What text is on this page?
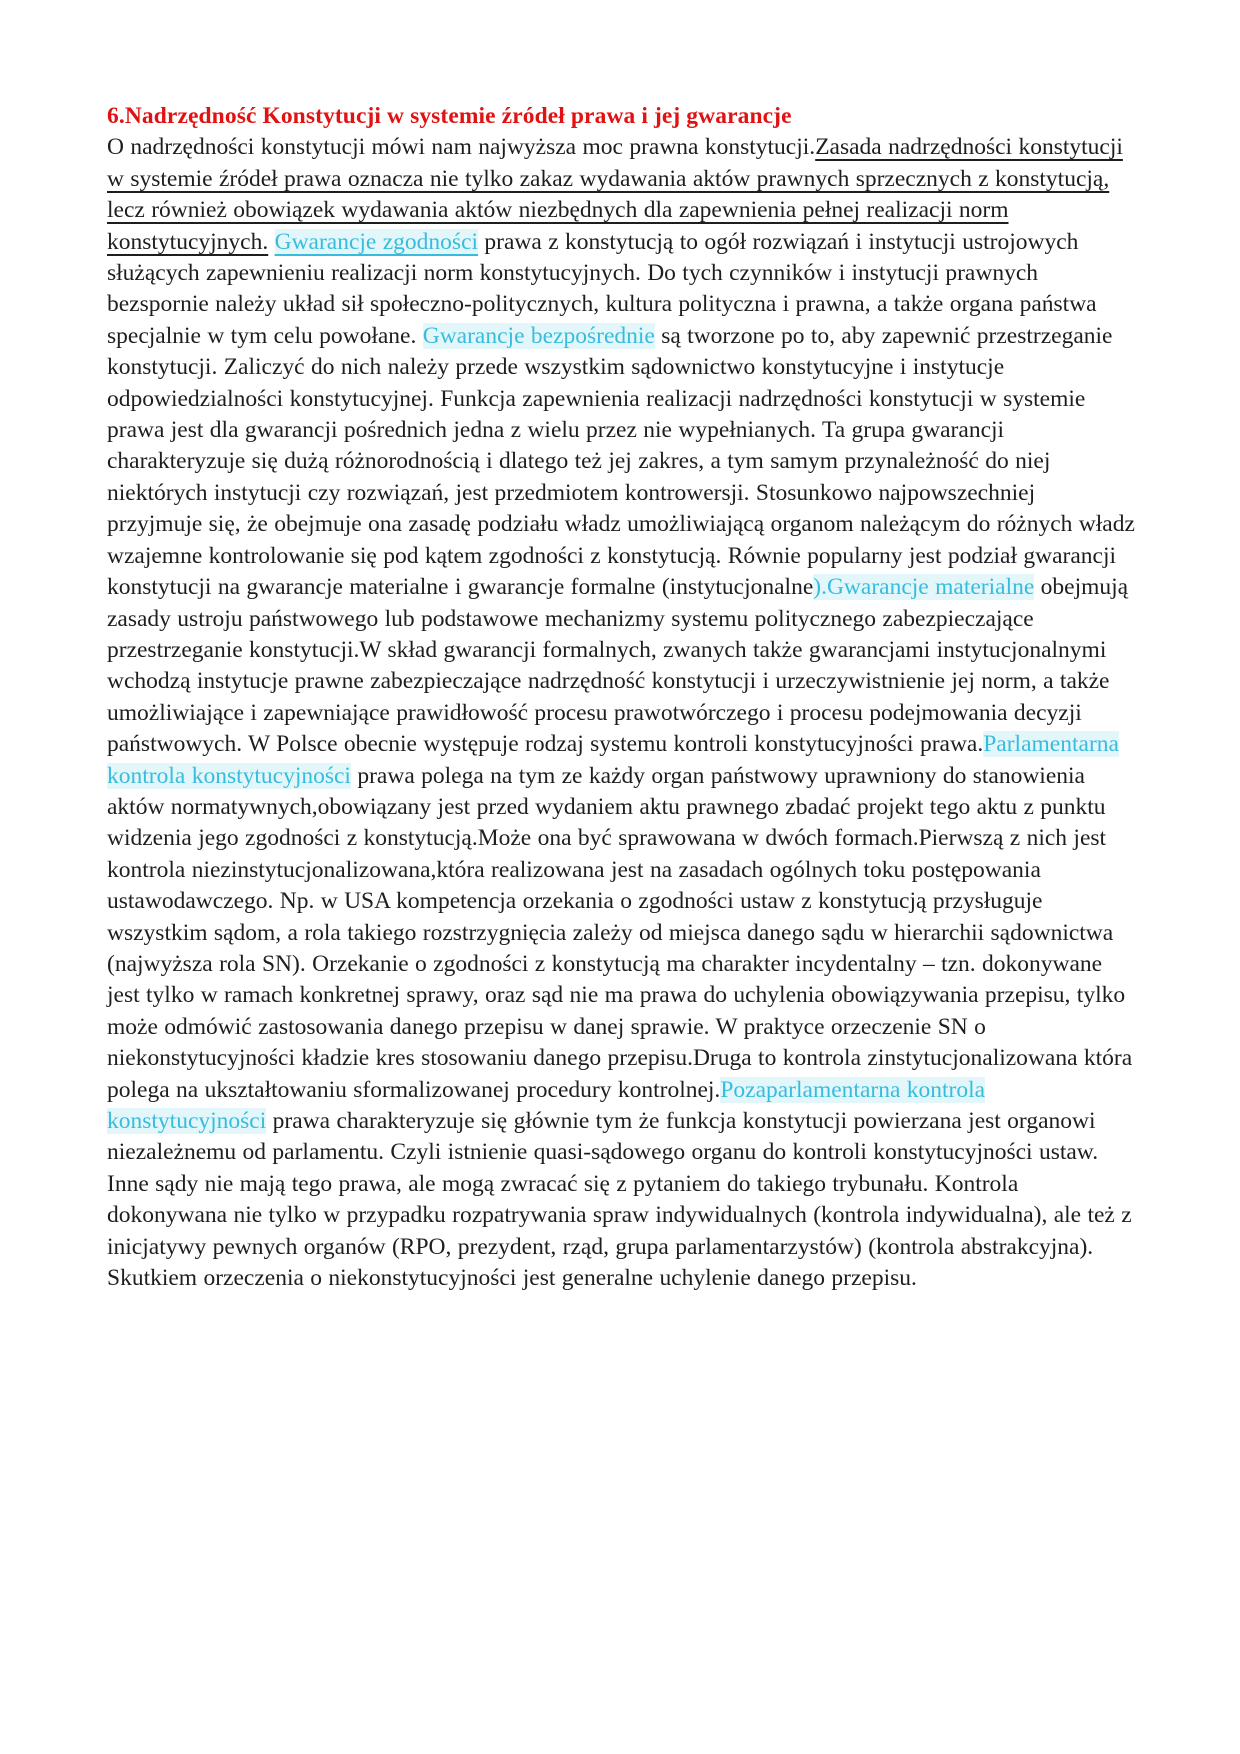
6.Nadrzędność Konstytucji w systemie źródeł prawa i jej gwarancje

O nadrzędności konstytucji mówi nam najwyższa moc prawna konstytucji.Zasada nadrzędności konstytucji w systemie źródeł prawa oznacza nie tylko zakaz wydawania aktów prawnych sprzecznych z konstytucją, lecz również obowiązek wydawania aktów niezbędnych dla zapewnienia pełnej realizacji norm konstytucyjnych. Gwarancje zgodności prawa z konstytucją to ogół rozwiązań i instytucji ustrojowych służących zapewnieniu realizacji norm konstytucyjnych. Do tych czynników i instytucji prawnych bezspornie należy układ sił społeczno-politycznych, kultura polityczna i prawna, a także organa państwa specjalnie w tym celu powołane. Gwarancje bezpośrednie są tworzone po to, aby zapewnić przestrzeganie konstytucji. Zaliczyć do nich należy przede wszystkim sądownictwo konstytucyjne i instytucje odpowiedzialności konstytucyjnej. Funkcja zapewnienia realizacji nadrzędności konstytucji w systemie prawa jest dla gwarancji pośrednich jedna z wielu przez nie wypełnianych. Ta grupa gwarancji charakteryzuje się dużą różnorodnością i dlatego też jej zakres, a tym samym przynależność do niej niektórych instytucji czy rozwiązań, jest przedmiotem kontrowersji. Stosunkowo najpowszechniej przyjmuje się, że obejmuje ona zasadę podziału władz umożliwiającą organom należącym do różnych władz wzajemne kontrolowanie się pod kątem zgodności z konstytucją. Równie popularny jest podział gwarancji konstytucji na gwarancje materialne i gwarancje formalne (instytucjonalne).Gwarancje materialne obejmują zasady ustroju państwowego lub podstawowe mechanizmy systemu politycznego zabezpieczające przestrzeganie konstytucji.W skład gwarancji formalnych, zwanych także gwarancjami instytucjonalnymi wchodzą instytucje prawne zabezpieczające nadrzędność konstytucji i urzeczywistnienie jej norm, a także umożliwiające i zapewniające prawidłowość procesu prawotwórczego i procesu podejmowania decyzji państwowych. W Polsce obecnie występuje rodzaj systemu kontroli konstytucyjności prawa.Parlamentarna kontrola konstytucyjności prawa polega na tym ze każdy organ państwowy uprawniony do stanowienia aktów normatywnych,obowiązany jest przed wydaniem aktu prawnego zbadać projekt tego aktu z punktu widzenia jego zgodności z konstytucją.Może ona być sprawowana w dwóch formach.Pierwszą z nich jest kontrola niezinstytucjonalizowana,która realizowana jest na zasadach ogólnych toku postępowania ustawodawczego. Np. w USA kompetencja orzekania o zgodności ustaw z konstytucją przysługuje wszystkim sądom, a rola takiego rozstrzygnięcia zależy od miejsca danego sądu w hierarchii sądownictwa (najwyższa rola SN). Orzekanie o zgodności z konstytucją ma charakter incydentalny – tzn. dokonywane jest tylko w ramach konkretnej sprawy, oraz sąd nie ma prawa do uchylenia obowiązywania przepisu, tylko może odmówić zastosowania danego przepisu w danej sprawie. W praktyce orzeczenie SN o niekonstytucyjności kładzie kres stosowaniu danego przepisu.Druga to kontrola zinstytucjonalizowana która polega na ukształtowaniu sformalizowanej procedury kontrolnej.Pozaparlamentarna kontrola konstytucyjności prawa charakteryzuje się głównie tym że funkcja konstytucji powierzana jest organowi niezależnemu od parlamentu. Czyli istnienie quasi-sądowego organu do kontroli konstytucyjności ustaw. Inne sądy nie mają tego prawa, ale mogą zwracać się z pytaniem do takiego trybunału. Kontrola dokonywana nie tylko w przypadku rozpatrywania spraw indywidualnych (kontrola indywidualna), ale też z inicjatywy pewnych organów (RPO, prezydent, rząd, grupa parlamentarzystów) (kontrola abstrakcyjna). Skutkiem orzeczenia o niekonstytucyjności jest generalne uchylenie danego przepisu.
